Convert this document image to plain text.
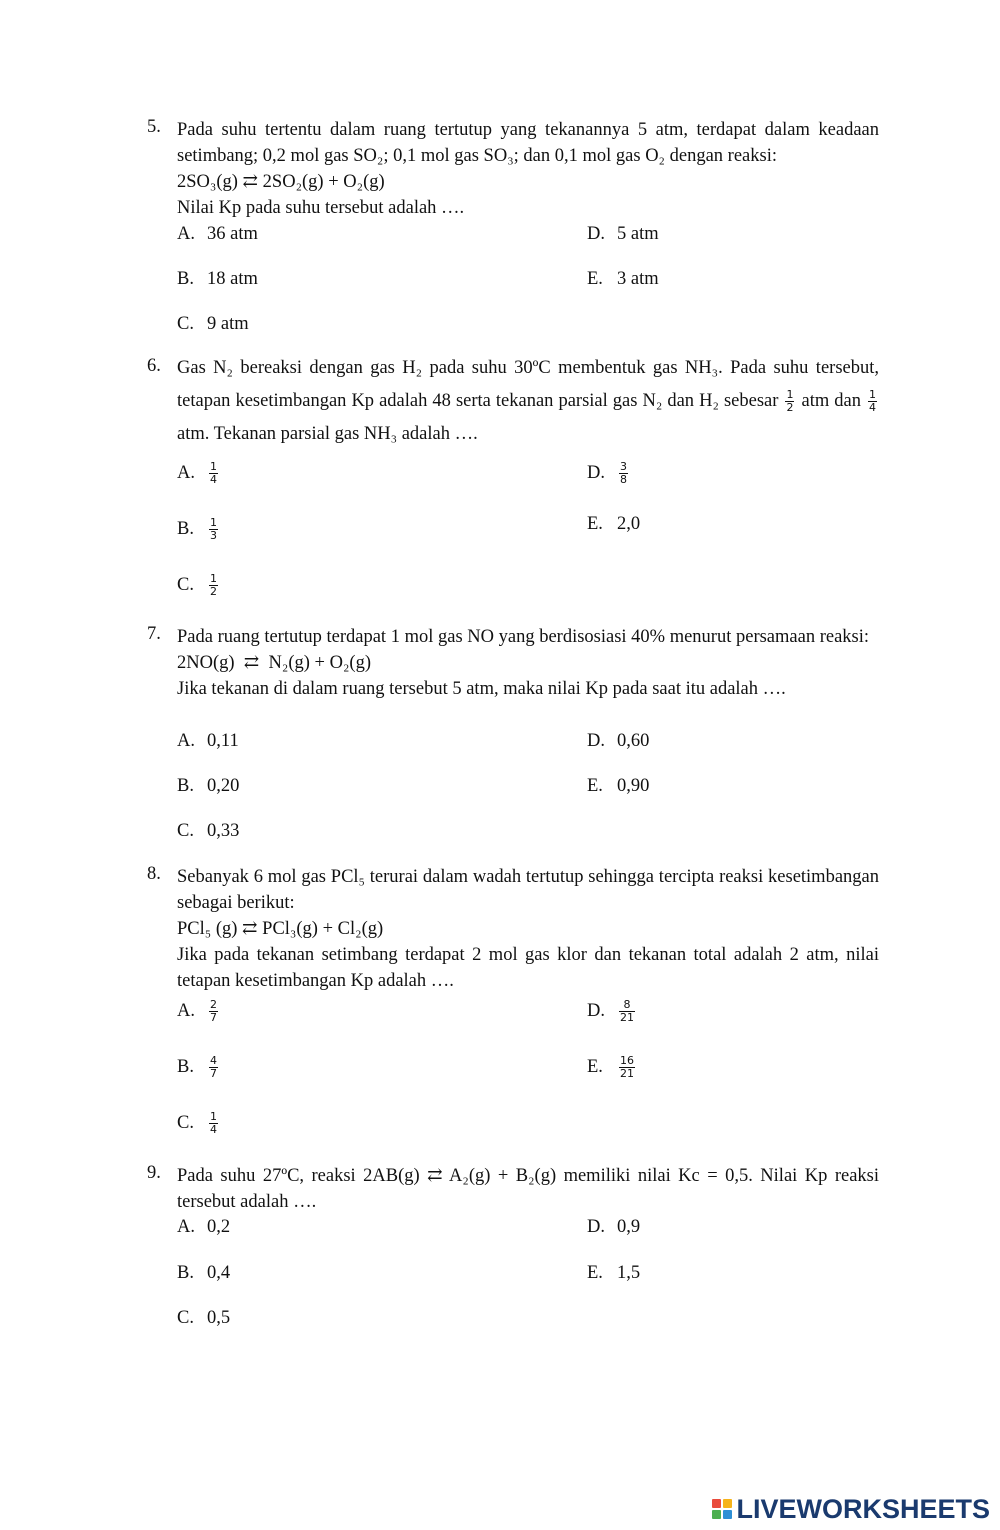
5. Pada suhu tertentu dalam ruang tertutup yang tekanannya 5 atm, terdapat dalam keadaan setimbang; 0,2 mol gas SO₂; 0,1 mol gas SO₃; dan 0,1 mol gas O₂ dengan reaksi:
2SO₃(g) ⇄ 2SO₂(g) + O₂(g)
Nilai Kp pada suhu tersebut adalah ….
A. 36 atm
B. 18 atm
C. 9 atm
D. 5 atm
E. 3 atm
6. Gas N₂ bereaksi dengan gas H₂ pada suhu 30ºC membentuk gas NH₃. Pada suhu tersebut, tetapan kesetimbangan Kp adalah 48 serta tekanan parsial gas N₂ dan H₂ sebesar $\frac{1}{2}$ atm dan $\frac{1}{4}$
atm. Tekanan parsial gas NH₃ adalah ….
A. $\frac{1}{4}$
B. $\frac{1}{3}$
C. $\frac{1}{2}$
D. $\frac{3}{8}$
E. 2,0
7. Pada ruang tertutup terdapat 1 mol gas NO yang berdisosiasi 40% menurut persamaan reaksi:
2NO(g)  ⇄  N₂(g) + O₂(g)
Jika tekanan di dalam ruang tersebut 5 atm, maka nilai Kp pada saat itu adalah ….
A. 0,11
B. 0,20
C. 0,33
D. 0,60
E. 0,90
8. Sebanyak 6 mol gas PCl₅ terurai dalam wadah tertutup sehingga tercipta reaksi kesetimbangan sebagai berikut:
PCl₅ (g) ⇄ PCl₃(g) + Cl₂(g)
Jika pada tekanan setimbang terdapat 2 mol gas klor dan tekanan total adalah 2 atm, nilai tetapan kesetimbangan Kp adalah ….
A. $\frac{2}{7}$
B. $\frac{4}{7}$
C. $\frac{1}{4}$
D. $\frac{8}{21}$
E. $\frac{16}{21}$
9. Pada suhu 27ºC, reaksi 2AB(g) ⇄ A₂(g) + B₂(g) memiliki nilai Kc = 0,5. Nilai Kp reaksi tersebut adalah ….
A. 0,2
B. 0,4
C. 0,5
D. 0,9
E. 1,5
LIVEWORKSHEETS
